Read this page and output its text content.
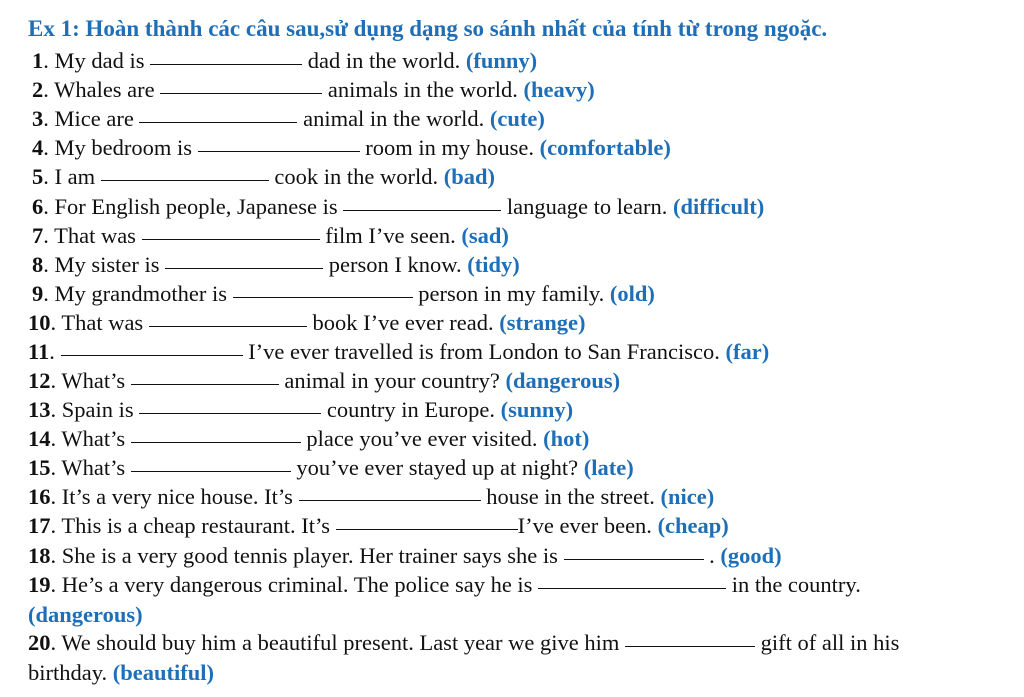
Ex 1: Hoàn thành các câu sau,sử dụng dạng so sánh nhất của tính từ trong ngoặc.
1. My dad is	dad in the world. (funny)
2. Whales are	animals in the world. (heavy)
3. Mice are	animal in the world. (cute)
4. My bedroom is	room in my house. (comfortable)
5. I am	cook in the world. (bad)
6. For English people, Japanese is	language to learn. (difficult)
7. That was	film I’ve seen. (sad)
8. My sister is	person I know. (tidy)
9. My grandmother is	person in my family. (old)
10. That was	book I’ve ever read. (strange)
11.	I’ve ever travelled is from London to San Francisco. (far)
12. What’s	animal in your country? (dangerous)
13. Spain is	country in Europe. (sunny)
14. What’s	place you’ve ever visited. (hot)
15. What’s	you’ve ever stayed up at night? (late)
16. It’s a very nice house. It’s	house in the street. (nice)
17. This is a cheap restaurant. It’s	I’ve ever been. (cheap)
18. She is a very good tennis player. Her trainer says she is	. (good)
19. He’s a very dangerous criminal. The police say he is	in the country.
20. We should buy him a beautiful present. Last year we give him	gift of all in his
(dangerous)
birthday. (beautiful)
